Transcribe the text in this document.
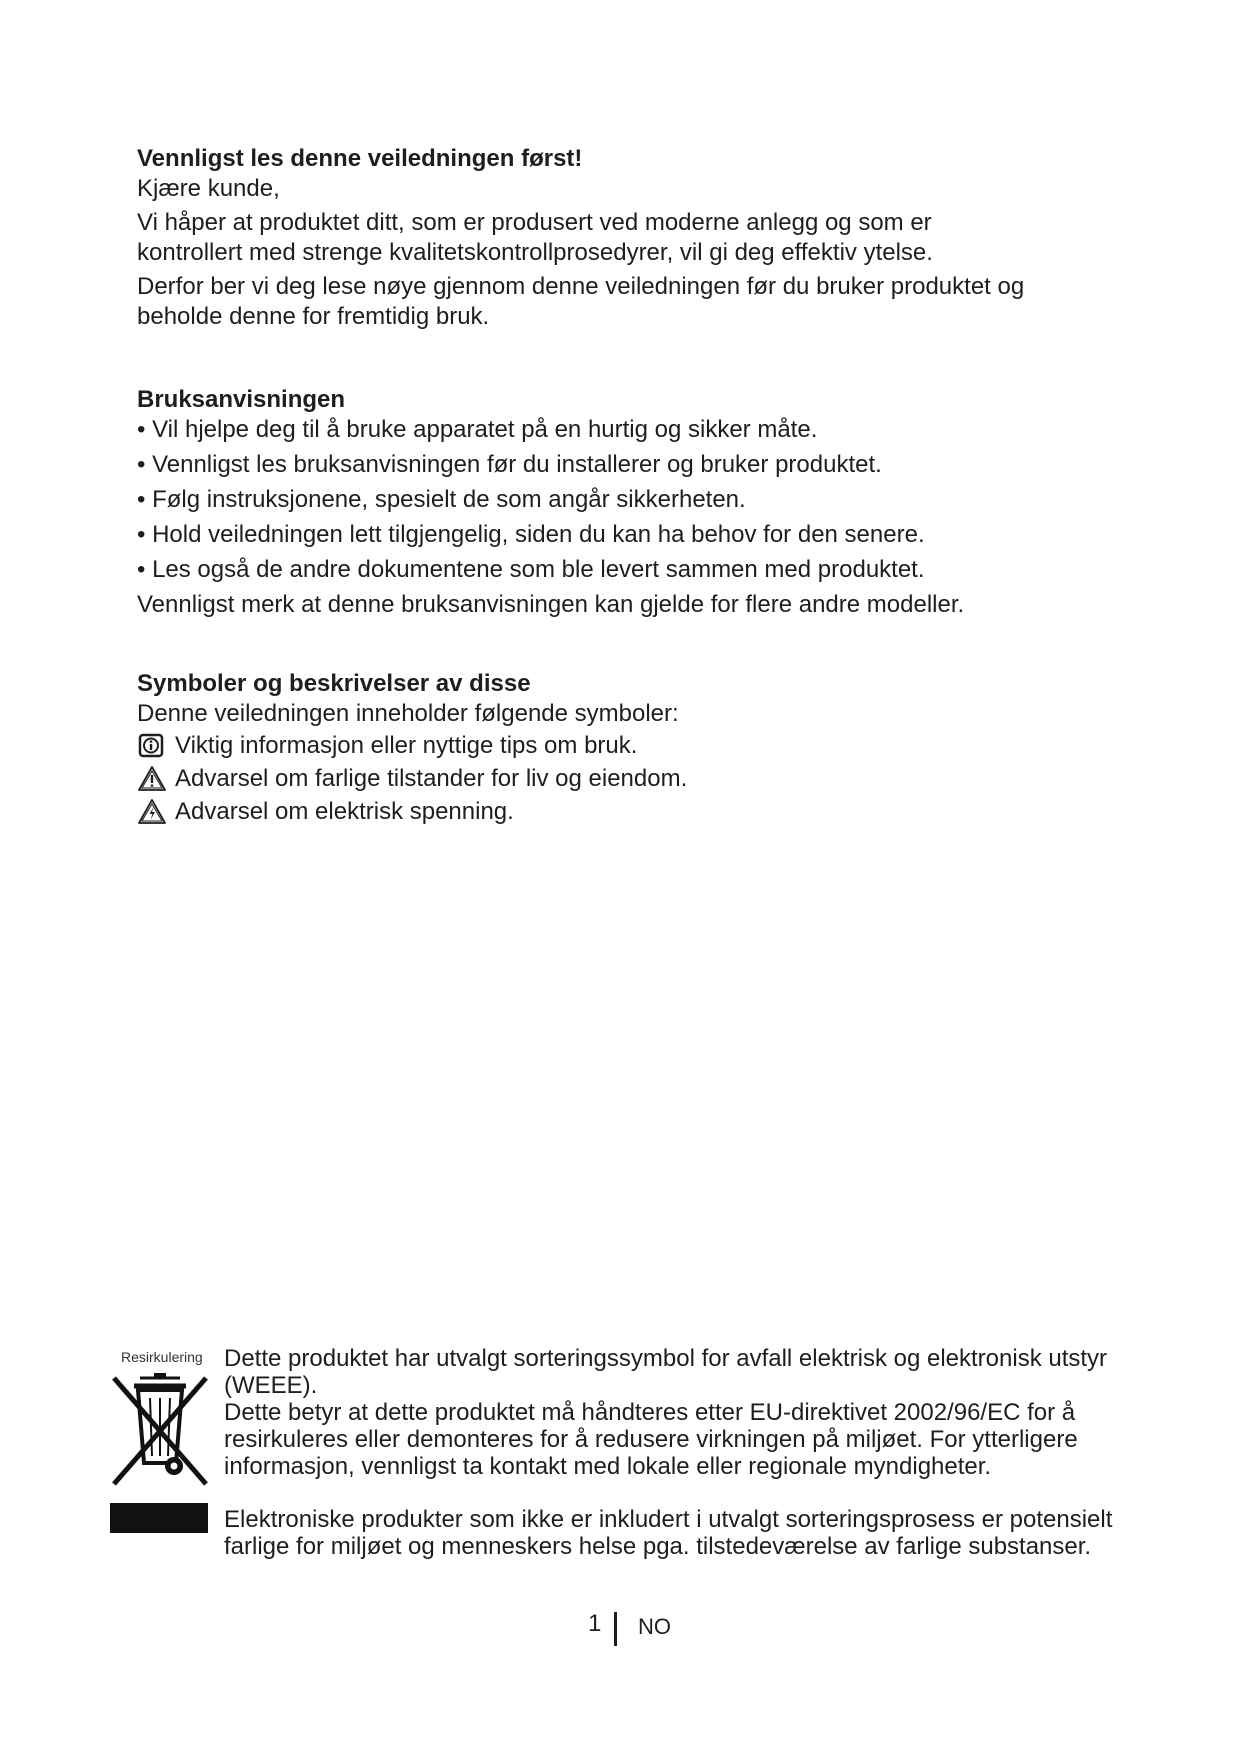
Vennligst les denne veiledningen først!

Kjære kunde,

Vi håper at produktet ditt, som er produsert ved moderne anlegg og som er

kontrollert med strenge kvalitetskontrollprosedyrer, vil gi deg effektiv ytelse.

Derfor ber vi deg lese nøye gjennom denne veiledningen før du bruker produktet og

beholde denne for fremtidig bruk.

Bruksanvisningen

• Vil hjelpe deg til å bruke apparatet på en hurtig og sikker måte.

• Vennligst les bruksanvisningen før du installerer og bruker produktet.

• Følg instruksjonene, spesielt de som angår sikkerheten.

• Hold veiledningen lett tilgjengelig, siden du kan ha behov for den senere.

• Les også de andre dokumentene som ble levert sammen med produktet.

Vennligst merk at denne bruksanvisningen kan gjelde for flere andre modeller.

Symboler og beskrivelser av disse

Denne veiledningen inneholder følgende symboler:

Viktig informasjon eller nyttige tips om bruk.
Advarsel om farlige tilstander for liv og eiendom.
Advarsel om elektrisk spenning.
Resirkulering Dette produktet har utvalgt sorteringssymbol for avfall elektrisk og elektronisk utstyr

(WEEE).

Dette betyr at dette produktet må håndteres etter EU-direktivet 2002/96/EC for å

resirkuleres eller demonteres for å redusere virkningen på miljøet. For ytterligere

informasjon, vennligst ta kontakt med lokale eller regionale myndigheter.

Elektroniske produkter som ikke er inkludert i utvalgt sorteringsprosess er potensielt

farlige for miljøet og menneskers helse pga. tilstedeværelse av farlige substanser.

1 NO
